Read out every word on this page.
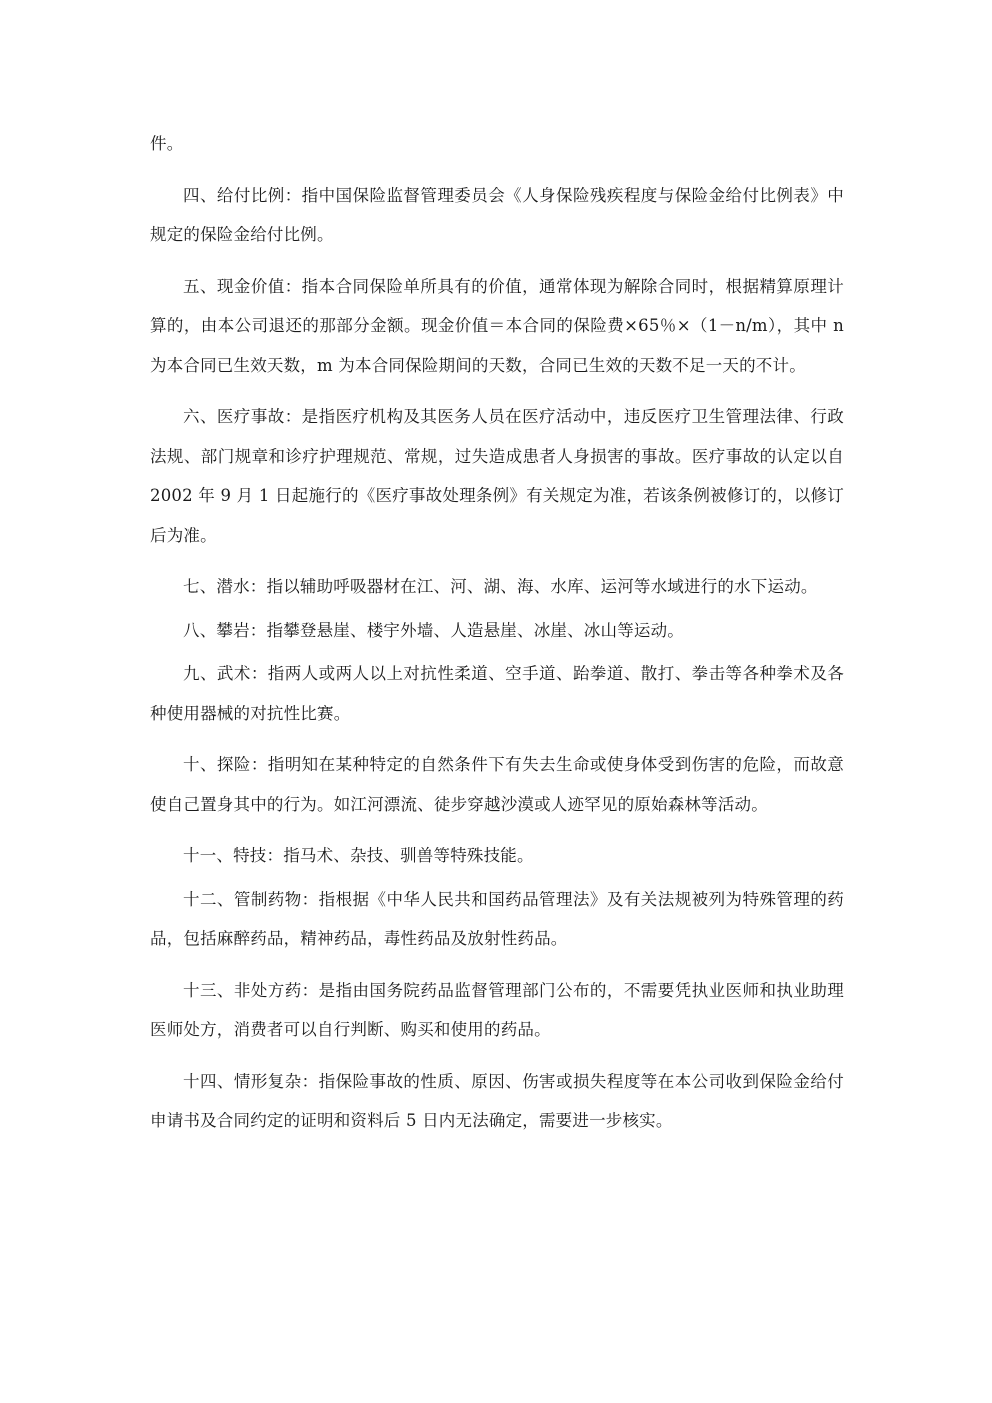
件。

四、给付比例：指中国保险监督管理委员会《人身保险残疾程度与保险金给付比例表》中规定的保险金给付比例。

五、现金价值：指本合同保险单所具有的价值，通常体现为解除合同时，根据精算原理计算的，由本公司退还的那部分金额。现金价值＝本合同的保险费×65％×（1－n/m），其中 n 为本合同已生效天数，m 为本合同保险期间的天数，合同已生效的天数不足一天的不计。

六、医疗事故：是指医疗机构及其医务人员在医疗活动中，违反医疗卫生管理法律、行政法规、部门规章和诊疗护理规范、常规，过失造成患者人身损害的事故。医疗事故的认定以自 2002 年 9 月 1 日起施行的《医疗事故处理条例》有关规定为准，若该条例被修订的，以修订后为准。

七、潜水：指以辅助呼吸器材在江、河、湖、海、水库、运河等水域进行的水下运动。

八、攀岩：指攀登悬崖、楼宇外墙、人造悬崖、冰崖、冰山等运动。

九、武术：指两人或两人以上对抗性柔道、空手道、跆拳道、散打、拳击等各种拳术及各种使用器械的对抗性比赛。

十、探险：指明知在某种特定的自然条件下有失去生命或使身体受到伤害的危险，而故意使自己置身其中的行为。如江河漂流、徒步穿越沙漠或人迹罕见的原始森林等活动。

十一、特技：指马术、杂技、驯兽等特殊技能。

十二、管制药物：指根据《中华人民共和国药品管理法》及有关法规被列为特殊管理的药品，包括麻醉药品，精神药品，毒性药品及放射性药品。

十三、非处方药：是指由国务院药品监督管理部门公布的，不需要凭执业医师和执业助理医师处方，消费者可以自行判断、购买和使用的药品。

十四、情形复杂：指保险事故的性质、原因、伤害或损失程度等在本公司收到保险金给付申请书及合同约定的证明和资料后 5 日内无法确定，需要进一步核实。
